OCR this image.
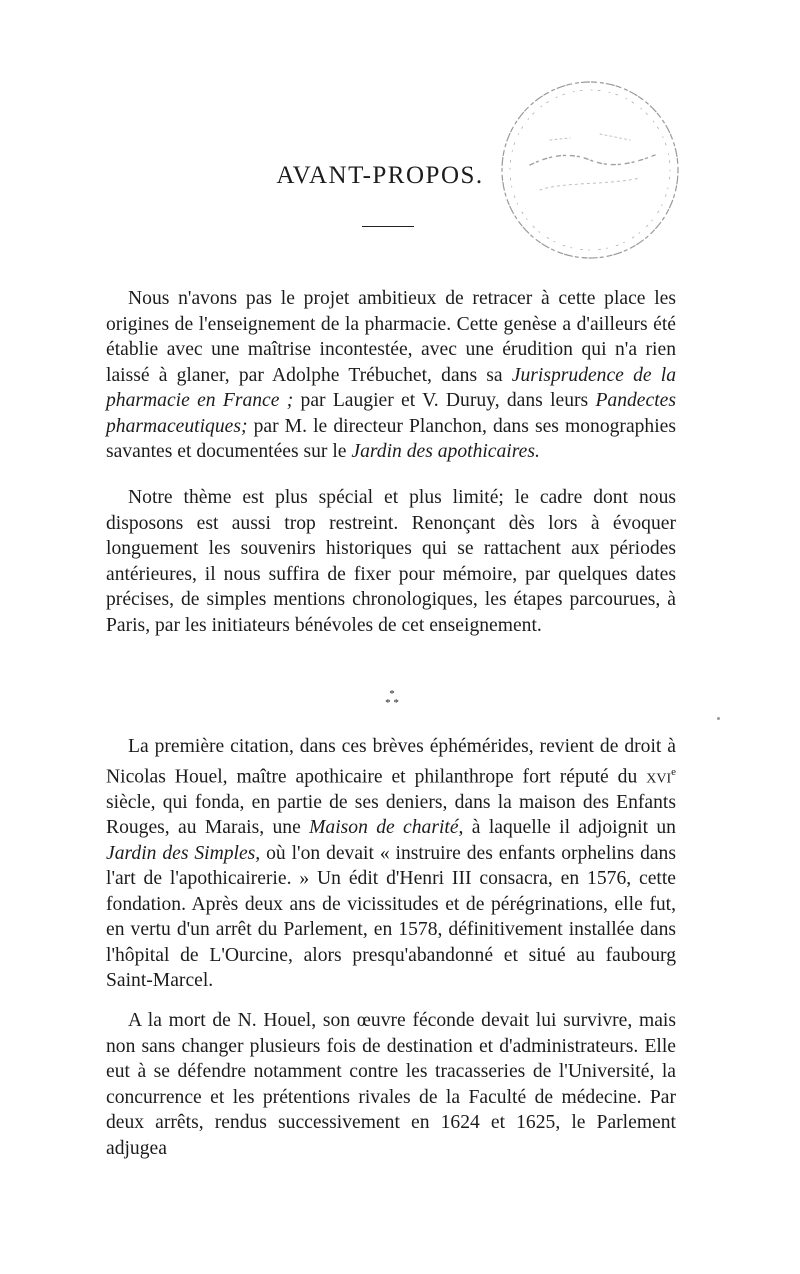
AVANT-PROPOS.

Nous n'avons pas le projet ambitieux de retracer à cette place les origines de l'enseignement de la pharmacie. Cette genèse a d'ailleurs été établie avec une maîtrise incontestée, avec une érudition qui n'a rien laissé à glaner, par Adolphe Trébuchet, dans sa Jurisprudence de la pharmacie en France ; par Laugier et V. Duruy, dans leurs Pandectes pharmaceutiques; par M. le directeur Planchon, dans ses monographies savantes et documentées sur le Jardin des apothicaires.

Notre thème est plus spécial et plus limité; le cadre dont nous disposons est aussi trop restreint. Renonçant dès lors à évoquer longuement les souvenirs historiques qui se rattachent aux périodes antérieures, il nous suffira de fixer pour mémoire, par quelques dates précises, de simples mentions chronologiques, les étapes parcourues, à Paris, par les initiateurs bénévoles de cet enseignement.

*
* *

La première citation, dans ces brèves éphémérides, revient de droit à Nicolas Houel, maître apothicaire et philanthrope fort réputé du xvi$^e$ siècle, qui fonda, en partie de ses deniers, dans la maison des Enfants Rouges, au Marais, une Maison de charité, à laquelle il adjoignit un Jardin des Simples, où l'on devait « instruire des enfants orphelins dans l'art de l'apothicairerie. » Un édit d'Henri III consacra, en 1576, cette fondation. Après deux ans de vicissitudes et de pérégrinations, elle fut, en vertu d'un arrêt du Parlement, en 1578, définitivement installée dans l'hôpital de L'Ourcine, alors presqu'abandonné et situé au faubourg Saint-Marcel.

A la mort de N. Houel, son œuvre féconde devait lui survivre, mais non sans changer plusieurs fois de destination et d'administrateurs. Elle eut à se défendre notamment contre les tracasseries de l'Université, la concurrence et les prétentions rivales de la Faculté de médecine. Par deux arrêts, rendus successivement en 1624 et 1625, le Parlement adjugea
